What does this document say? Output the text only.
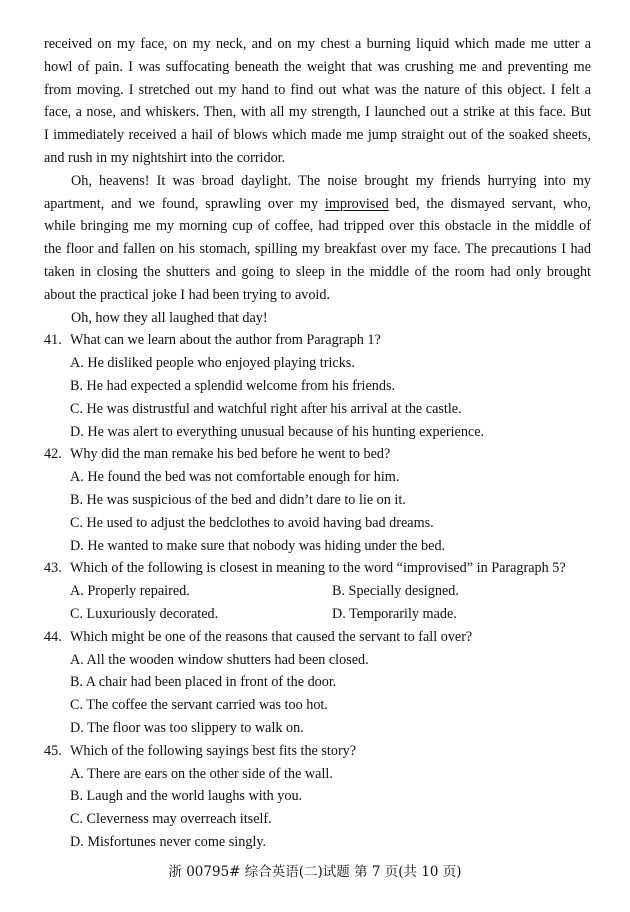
received on my face, on my neck, and on my chest a burning liquid which made me utter a
howl of pain. I was suffocating beneath the weight that was crushing me and preventing me
from moving. I stretched out my hand to find out what was the nature of this object. I felt a
face, a nose, and whiskers. Then, with all my strength, I launched out a strike at this face. But
I immediately received a hail of blows which made me jump straight out of the soaked sheets,
and rush in my nightshirt into the corridor.
Oh, heavens! It was broad daylight. The noise brought my friends hurrying into my
apartment, and we found, sprawling over my improvised bed, the dismayed servant, who,
while bringing me my morning cup of coffee, had tripped over this obstacle in the middle of
the floor and fallen on his stomach, spilling my breakfast over my face. The precautions I had
taken in closing the shutters and going to sleep in the middle of the room had only brought
about the practical joke I had been trying to avoid.
Oh, how they all laughed that day!
41. What can we learn about the author from Paragraph 1?
A. He disliked people who enjoyed playing tricks.
B. He had expected a splendid welcome from his friends.
C. He was distrustful and watchful right after his arrival at the castle.
D. He was alert to everything unusual because of his hunting experience.
42. Why did the man remake his bed before he went to bed?
A. He found the bed was not comfortable enough for him.
B. He was suspicious of the bed and didn’t dare to lie on it.
C. He used to adjust the bedclothes to avoid having bad dreams.
D. He wanted to make sure that nobody was hiding under the bed.
43. Which of the following is closest in meaning to the word “improvised” in Paragraph 5?
A. Properly repaired.	B. Specially designed.
C. Luxuriously decorated.	D. Temporarily made.
44. Which might be one of the reasons that caused the servant to fall over?
A. All the wooden window shutters had been closed.
B. A chair had been placed in front of the door.
C. The coffee the servant carried was too hot.
D. The floor was too slippery to walk on.
45. Which of the following sayings best fits the story?
A. There are ears on the other side of the wall.
B. Laugh and the world laughs with you.
C. Cleverness may overreach itself.
D. Misfortunes never come singly.
浙 00795# 综合英语(二)试题 第 7 页(共 10 页)
